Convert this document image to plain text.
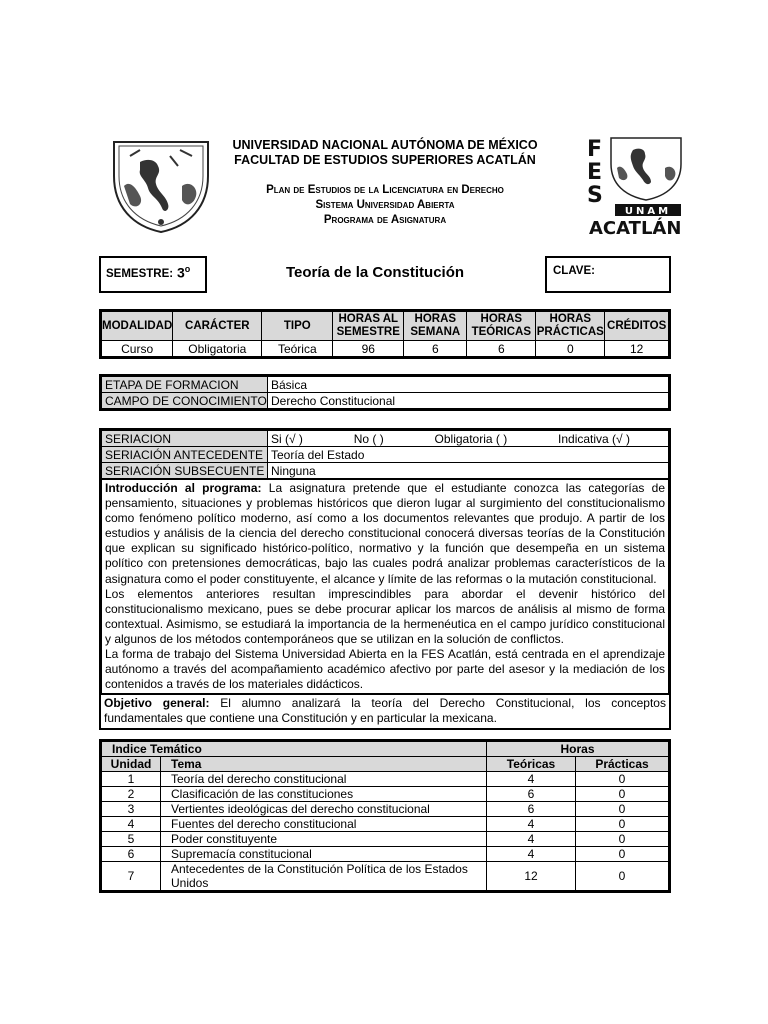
F
E
S
UNAM
ACATLÁN
UNIVERSIDAD NACIONAL AUTÓNOMA DE MÉXICO
FACULTAD DE ESTUDIOS SUPERIORES ACATLÁN
Plan de Estudios de la Licenciatura en Derecho
Sistema Universidad Abierta
Programa de Asignatura
SEMESTRE: 3$^o$	Teoría de la Constitución	CLAVE:
MODALIDAD	CARÁCTER	TIPO	HORAS AL SEMESTRE	HORAS SEMANA	HORAS TEÓRICAS	HORAS PRÁCTICAS	CRÉDITOS
Curso	Obligatoria	Teórica	96	6	6	0	12
ETAPA DE FORMACION	Básica
CAMPO DE CONOCIMIENTO	Derecho Constitucional
SERIACION	Si (√ ) No ( ) Obligatoria ( ) Indicativa (√ )

SERIACIÓN ANTECEDENTE	Teoría del Estado
SERIACIÓN SUBSECUENTE	Ninguna

Introducción al programa: La asignatura pretende que el estudiante conozca las categorías de pensamiento, situaciones y problemas históricos que dieron lugar al surgimiento del constitucionalismo como fenómeno político moderno, así como a los documentos relevantes que produjo. A partir de los estudios y análisis de la ciencia del derecho constitucional conocerá diversas teorías de la Constitución que explican su significado histórico-político, normativo y la función que desempeña en un sistema político con pretensiones democráticas, bajo las cuales podrá analizar problemas característicos de la asignatura como el poder constituyente, el alcance y límite de las reformas o la mutación constitucional.

Los elementos anteriores resultan imprescindibles para abordar el devenir histórico del constitucionalismo mexicano, pues se debe procurar aplicar los marcos de análisis al mismo de forma contextual. Asimismo, se estudiará la importancia de la hermenéutica en el campo jurídico constitucional y algunos de los métodos contemporáneos que se utilizan en la solución de conflictos.

La forma de trabajo del Sistema Universidad Abierta en la FES Acatlán, está centrada en el aprendizaje autónomo a través del acompañamiento académico afectivo por parte del asesor y la mediación de los contenidos a través de los materiales didácticos.

Objetivo general: El alumno analizará la teoría del Derecho Constitucional, los conceptos fundamentales que contiene una Constitución y en particular la mexicana.
Indice Temático		Horas	
Unidad	Tema	Teóricas	Prácticas
1	Teoría del derecho constitucional	4	0
2	Clasificación de las constituciones	6	0
3	Vertientes ideológicas del derecho constitucional	6	0
4	Fuentes del derecho constitucional	4	0
5	Poder constituyente	4	0
6	Supremacía constitucional	4	0
7	Antecedentes de la Constitución Política de los Estados Unidos	12	0
